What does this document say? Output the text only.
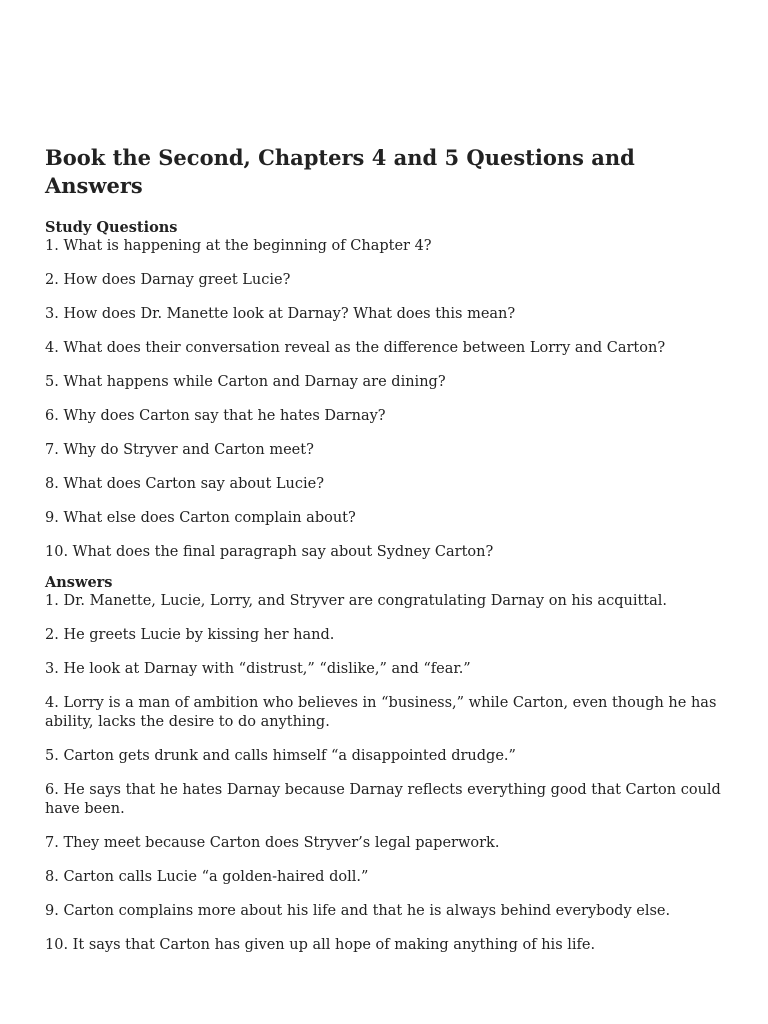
Book the Second, Chapters 4 and 5 Questions and Answers

Study Questions

1. What is happening at the beginning of Chapter 4?

2. How does Darnay greet Lucie?

3. How does Dr. Manette look at Darnay? What does this mean?

4. What does their conversation reveal as the difference between Lorry and Carton?

5. What happens while Carton and Darnay are dining?

6. Why does Carton say that he hates Darnay?

7. Why do Stryver and Carton meet?

8. What does Carton say about Lucie?

9. What else does Carton complain about?

10. What does the final paragraph say about Sydney Carton?

Answers

1. Dr. Manette, Lucie, Lorry, and Stryver are congratulating Darnay on his acquittal.

2. He greets Lucie by kissing her hand.

3. He look at Darnay with “distrust,” “dislike,” and “fear.”

4. Lorry is a man of ambition who believes in “business,” while Carton, even though he has ability, lacks the desire to do anything.

5. Carton gets drunk and calls himself “a disappointed drudge.”

6. He says that he hates Darnay because Darnay reflects everything good that Carton could have been.

7. They meet because Carton does Stryver’s legal paperwork.

8. Carton calls Lucie “a golden-haired doll.”

9. Carton complains more about his life and that he is always behind everybody else.

10. It says that Carton has given up all hope of making anything of his life.
